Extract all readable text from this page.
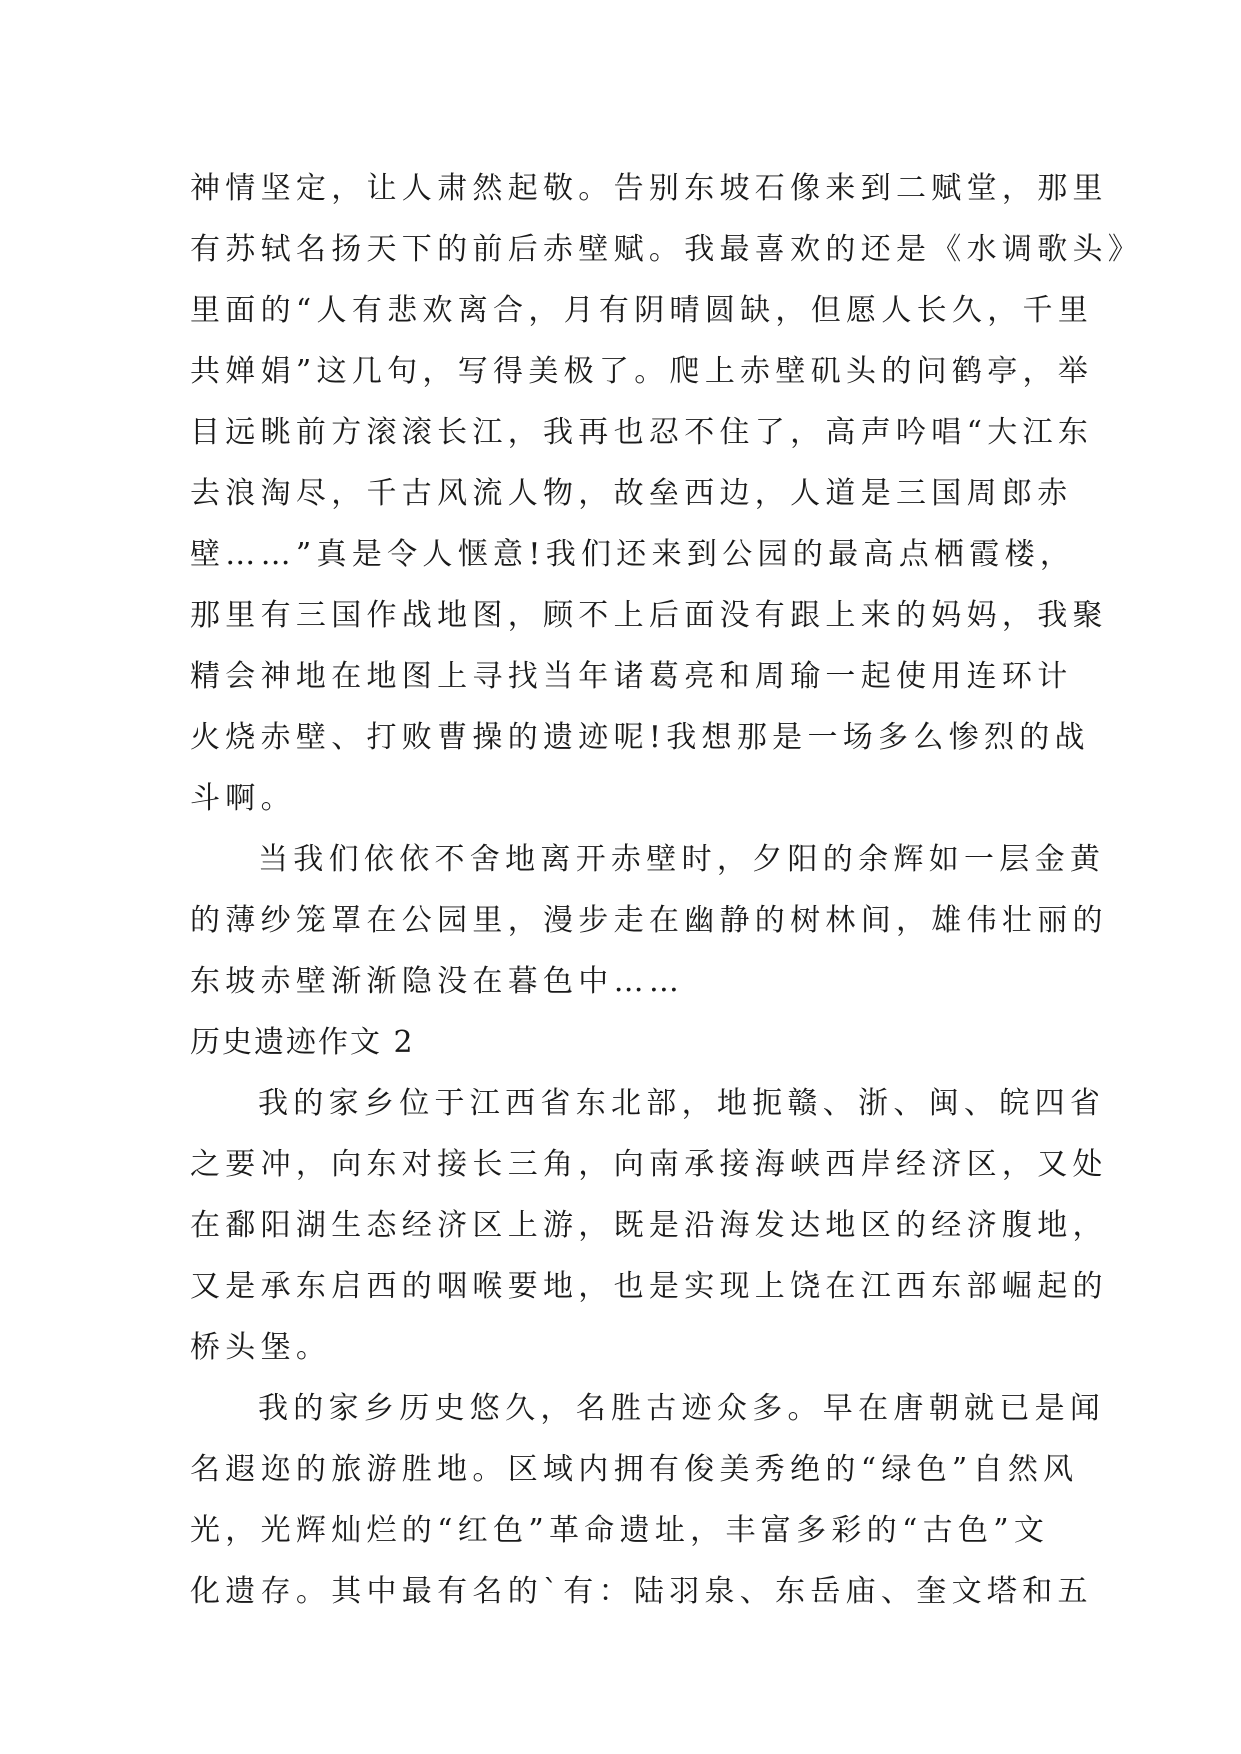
神情坚定，让人肃然起敬。告别东坡石像来到二赋堂，那里
有苏轼名扬天下的前后赤壁赋。我最喜欢的还是《水调歌头》
里面的“人有悲欢离合，月有阴晴圆缺，但愿人长久，千里
共婵娟”这几句，写得美极了。爬上赤壁矶头的问鹤亭，举
目远眺前方滚滚长江，我再也忍不住了，高声吟唱“大江东
去浪淘尽，千古风流人物，故垒西边，人道是三国周郎赤
壁……”真是令人惬意!我们还来到公园的最高点栖霞楼，
那里有三国作战地图，顾不上后面没有跟上来的妈妈，我聚
精会神地在地图上寻找当年诸葛亮和周瑜一起使用连环计
火烧赤壁、打败曹操的遗迹呢!我想那是一场多么惨烈的战
斗啊。
当我们依依不舍地离开赤壁时，夕阳的余辉如一层金黄
的薄纱笼罩在公园里，漫步走在幽静的树林间，雄伟壮丽的
东坡赤壁渐渐隐没在暮色中……
历史遗迹作文 2
我的家乡位于江西省东北部，地扼赣、浙、闽、皖四省
之要冲，向东对接长三角，向南承接海峡西岸经济区，又处
在鄱阳湖生态经济区上游，既是沿海发达地区的经济腹地，
又是承东启西的咽喉要地，也是实现上饶在江西东部崛起的
桥头堡。
我的家乡历史悠久，名胜古迹众多。早在唐朝就已是闻
名遐迩的旅游胜地。区域内拥有俊美秀绝的“绿色”自然风
光，光辉灿烂的“红色”革命遗址，丰富多彩的“古色”文
化遗存。其中最有名的`有：陆羽泉、东岳庙、奎文塔和五
